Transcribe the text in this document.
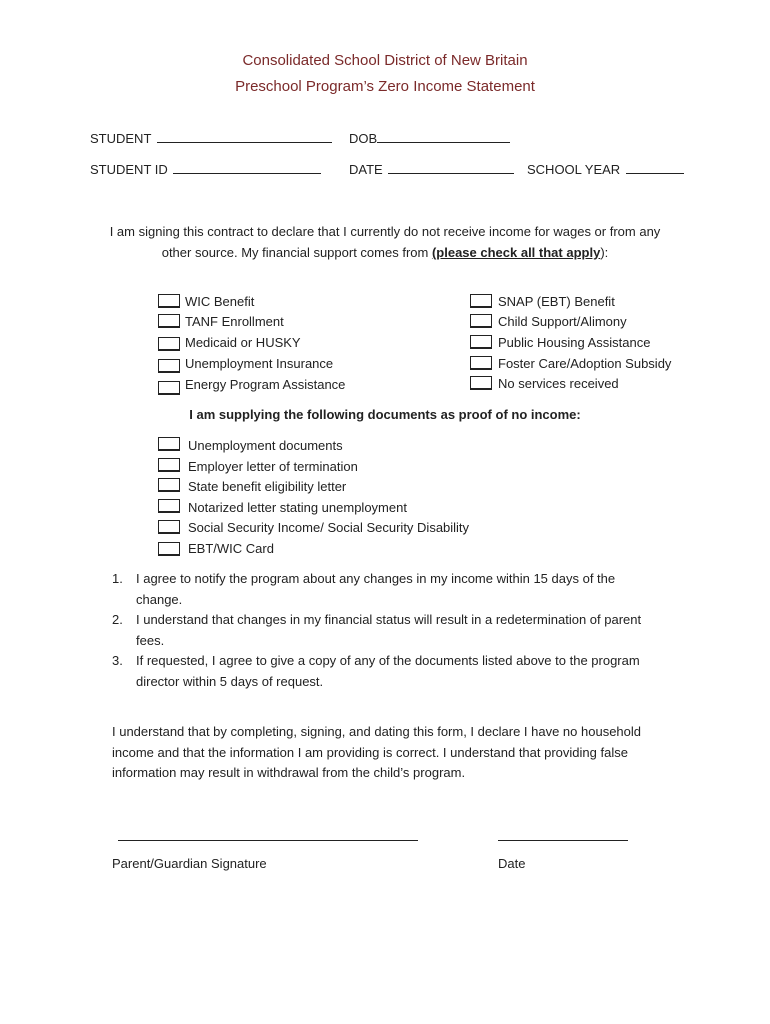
Consolidated School District of New Britain
Preschool Program’s Zero Income Statement
STUDENT	DOB
STUDENT ID	DATE	SCHOOL YEAR
I am signing this contract to declare that I currently do not receive income for wages or from any
other source. My financial support comes from (please check all that apply):
WIC Benefit
TANF Enrollment
Medicaid or HUSKY
Unemployment Insurance
Energy Program Assistance
SNAP (EBT) Benefit
Child Support/Alimony
Public Housing Assistance
Foster Care/Adoption Subsidy
No services received
I am supplying the following documents as proof of no income:
Unemployment documents
Employer letter of termination
State benefit eligibility letter
Notarized letter stating unemployment
Social Security Income/ Social Security Disability
EBT/WIC Card
1. I agree to notify the program about any changes in my income within 15 days of the
change.
2. I understand that changes in my financial status will result in a redetermination of parent
fees.
3. If requested, I agree to give a copy of any of the documents listed above to the program
director within 5 days of request.
I understand that by completing, signing, and dating this form, I declare I have no household
income and that the information I am providing is correct. I understand that providing false
information may result in withdrawal from the child’s program.
Parent/Guardian Signature	Date
